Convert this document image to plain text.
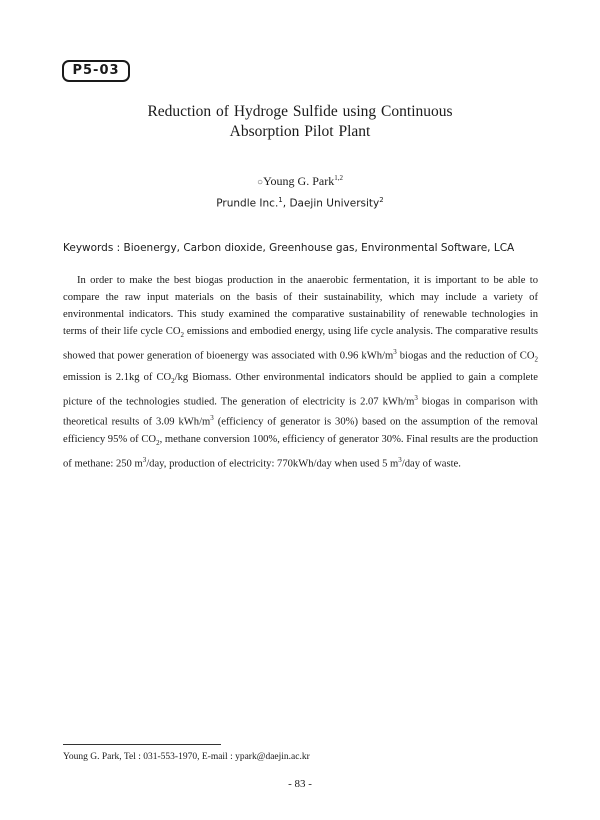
P5-03
Reduction of Hydroge Sulfide using Continuous
Absorption Pilot Plant
○Young G. Park$^{1,2}$
Prundle Inc.$^1$, Daejin University$^2$
Keywords : Bioenergy, Carbon dioxide, Greenhouse gas, Environmental Software, LCA

In order to make the best biogas production in the anaerobic fermentation, it is important to be able to compare the raw input materials on the basis of their sustainability, which may include a variety of environmental indicators. This study examined the comparative sustainability of renewable technologies in terms of their life cycle $CO_2$ emissions and embodied energy, using life cycle analysis. The comparative results showed that power generation of bioenergy was associated with 0.96 kWh/$m^3$ biogas and the reduction of $CO_2$ emission is 2.1kg of $CO_2/kg$ Biomass. Other environmental indicators should be applied to gain a complete picture of the technologies studied. The generation of electricity is 2.07 kWh/$m^3$ biogas in comparison with theoretical results of 3.09 kWh/$m^3$ (efficiency of generator is 30%) based on the assumption of the removal efficiency 95% of $CO_2$, methane conversion 100%, efficiency of generator 30%. Final results are the production of methane: 250 $m^3$/day, production of electricity: 770kWh/day when used 5 $m^3$/day of waste.

Young G. Park, Tel : 031-553-1970, E-mail : ypark@daejin.ac.kr
- 83 -
